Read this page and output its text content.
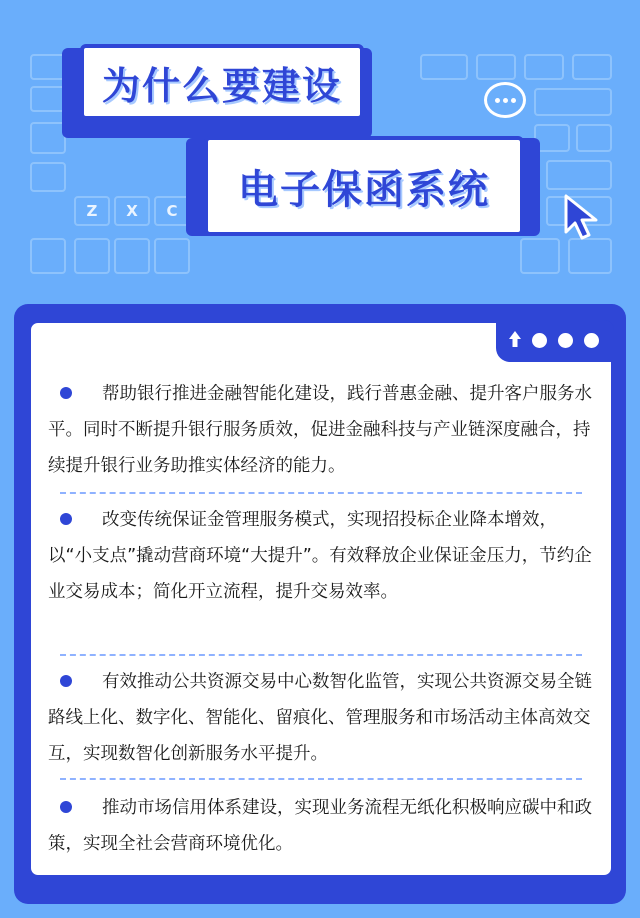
Z X C
为什么要建设
电子保函系统
帮助银行推进金融智能化建设，践行普惠金融、提升客户服务水平。同时不断提升银行服务质效，促进金融科技与产业链深度融合，持续提升银行业务助推实体经济的能力。
改变传统保证金管理服务模式，实现招投标企业降本增效，以“小支点”撬动营商环境“大提升”。有效释放企业保证金压力，节约企业交易成本；简化开立流程，提升交易效率。
有效推动公共资源交易中心数智化监管，实现公共资源交易全链路线上化、数字化、智能化、留痕化、管理服务和市场活动主体高效交互，实现数智化创新服务水平提升。
推动市场信用体系建设，实现业务流程无纸化积极响应碳中和政策，实现全社会营商环境优化。
